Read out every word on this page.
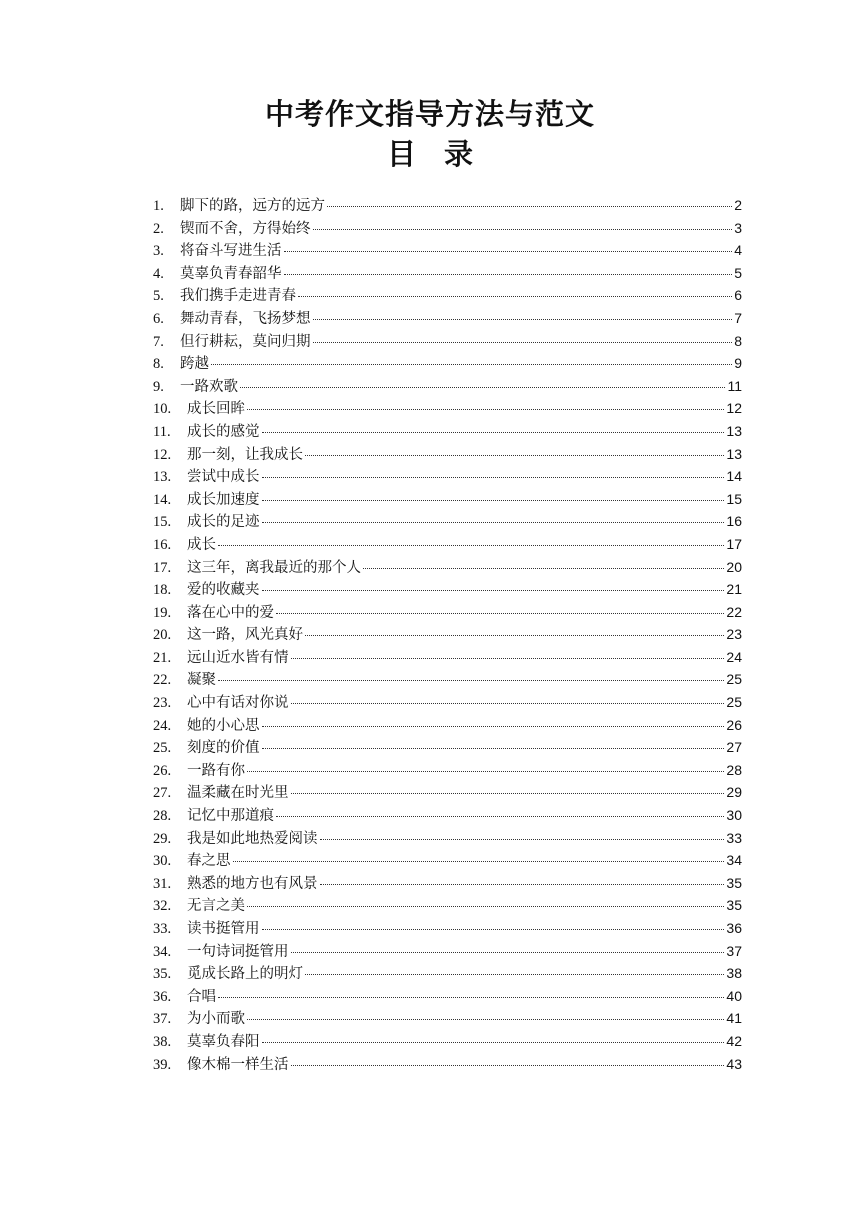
中考作文指导方法与范文
目录
1.	脚下的路，远方的远方	2
2.	锲而不舍，方得始终	3
3.	将奋斗写进生活	4
4.	莫辜负青春韶华	5
5.	我们携手走进青春	6
6.	舞动青春，飞扬梦想	7
7.	但行耕耘，莫问归期	8
8.	跨越	9
9.	一路欢歌	11
10.	成长回眸	12
11.	成长的感觉	13
12.	那一刻，让我成长	13
13.	尝试中成长	14
14.	成长加速度	15
15.	成长的足迹	16
16.	成长	17
17.	这三年，离我最近的那个人	20
18.	爱的收藏夹	21
19.	落在心中的爱	22
20.	这一路，风光真好	23
21.	远山近水皆有情	24
22.	凝聚	25
23.	心中有话对你说	25
24.	她的小心思	26
25.	刻度的价值	27
26.	一路有你	28
27.	温柔藏在时光里	29
28.	记忆中那道痕	30
29.	我是如此地热爱阅读	33
30.	春之思	34
31.	熟悉的地方也有风景	35
32.	无言之美	35
33.	读书挺管用	36
34.	一句诗词挺管用	37
35.	觅成长路上的明灯	38
36.	合唱	40
37.	为小而歌	41
38.	莫辜负春阳	42
39.	像木棉一样生活	43
